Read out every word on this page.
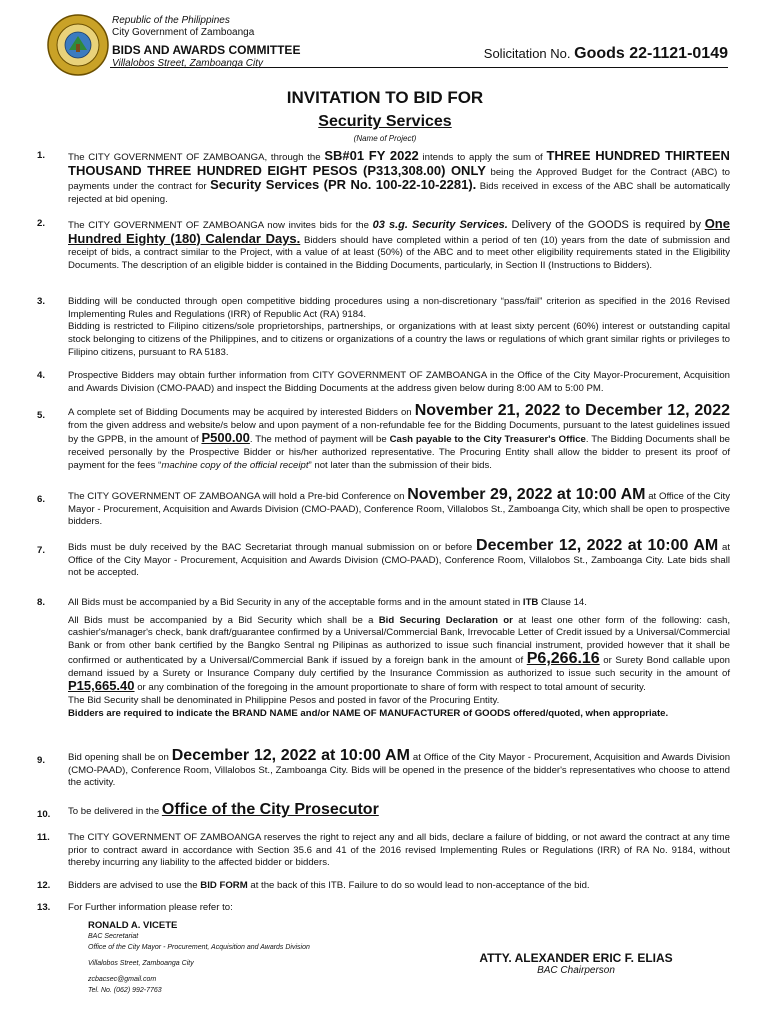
Republic of the Philippines
City Government of Zamboanga
BIDS AND AWARDS COMMITTEE
Villalobos Street, Zamboanga City
Solicitation No. Goods 22-1121-0149
INVITATION TO BID FOR
Security Services
(Name of Project)
1. The CITY GOVERNMENT OF ZAMBOANGA, through the SB#01 FY 2022 intends to apply the sum of THREE HUNDRED THIRTEEN THOUSAND THREE HUNDRED EIGHT PESOS (P313,308.00) ONLY being the Approved Budget for the Contract (ABC) to payments under the contract for Security Services (PR No. 100-22-10-2281). Bids received in excess of the ABC shall be automatically rejected at bid opening.
2. The CITY GOVERNMENT OF ZAMBOANGA now invites bids for the 03 s.g. Security Services. Delivery of the GOODS is required by One Hundred Eighty (180) Calendar Days. Bidders should have completed within a period of ten (10) years from the date of submission and receipt of bids, a contract similar to the Project, with a value of at least (50%) of the ABC and to meet other eligibility requirements stated in the Eligibility Documents. The description of an eligible bidder is contained in the Bidding Documents, particularly, in Section II (Instructions to Bidders).
3. Bidding will be conducted through open competitive bidding procedures using a non-discretionary “pass/fail” criterion as specified in the 2016 Revised Implementing Rules and Regulations (IRR) of Republic Act (RA) 9184.
Bidding is restricted to Filipino citizens/sole proprietorships, partnerships, or organizations with at least sixty percent (60%) interest or outstanding capital stock belonging to citizens of the Philippines, and to citizens or organizations of a country the laws or regulations of which grant similar rights or privileges to Filipino citizens, pursuant to RA 5183.
4. Prospective Bidders may obtain further information from CITY GOVERNMENT OF ZAMBOANGA in the Office of the City Mayor-Procurement, Acquisition and Awards Division (CMO-PAAD) and inspect the Bidding Documents at the address given below during 8:00 AM to 5:00 PM.
5. A complete set of Bidding Documents may be acquired by interested Bidders on November 21, 2022 to December 12, 2022 from the given address and website/s below and upon payment of a non-refundable fee for the Bidding Documents, pursuant to the latest guidelines issued by the GPPB, in the amount of P500.00. The method of payment will be Cash payable to the City Treasurer's Office. The Bidding Documents shall be received personally by the Prospective Bidder or his/her authorized representative. The Procuring Entity shall allow the bidder to present its proof of payment for the fees “machine copy of the official receipt” not later than the submission of their bids.
6. The CITY GOVERNMENT OF ZAMBOANGA will hold a Pre-bid Conference on November 29, 2022 at 10:00 AM at Office of the City Mayor - Procurement, Acquisition and Awards Division (CMO-PAAD), Conference Room, Villalobos St., Zamboanga City, which shall be open to prospective bidders.
7. Bids must be duly received by the BAC Secretariat through manual submission on or before December 12, 2022 at 10:00 AM at Office of the City Mayor - Procurement, Acquisition and Awards Division (CMO-PAAD), Conference Room, Villalobos St., Zamboanga City. Late bids shall not be accepted.
8. All Bids must be accompanied by a Bid Security in any of the acceptable forms and in the amount stated in ITB Clause 14.
All Bids must be accompanied by a Bid Security which shall be a Bid Securing Declaration or at least one other form of the following: cash, cashier's/manager's check, bank draft/guarantee confirmed by a Universal/Commercial Bank, Irrevocable Letter of Credit issued by a Universal/Commercial Bank or from other bank certified by the Bangko Sentral ng Pilipinas as authorized to issue such financial instrument, provided however that it shall be confirmed or authenticated by a Universal/Commercial Bank if issued by a foreign bank in the amount of P6,266.16 or Surety Bond callable upon demand issued by a Surety or Insurance Company duly certified by the Insurance Commission as authorized to issue such security in the amount of P15,665.40 or any combination of the foregoing in the amount proportionate to share of form with respect to total amount of security.
The Bid Security shall be denominated in Philippine Pesos and posted in favor of the Procuring Entity.
Bidders are required to indicate the BRAND NAME and/or NAME OF MANUFACTURER of GOODS offered/quoted, when appropriate.
9. Bid opening shall be on December 12, 2022 at 10:00 AM at Office of the City Mayor - Procurement, Acquisition and Awards Division (CMO-PAAD), Conference Room, Villalobos St., Zamboanga City. Bids will be opened in the presence of the bidder's representatives who choose to attend the activity.
10. To be delivered in the Office of the City Prosecutor
11. The CITY GOVERNMENT OF ZAMBOANGA reserves the right to reject any and all bids, declare a failure of bidding, or not award the contract at any time prior to contract award in accordance with Section 35.6 and 41 of the 2016 revised Implementing Rules or Regulations (IRR) of RA No. 9184, without thereby incurring any liability to the affected bidder or bidders.
12. Bidders are advised to use the BID FORM at the back of this ITB. Failure to do so would lead to non-acceptance of the bid.
13. For Further information please refer to:
RONALD A. VICETE
BAC Secretariat
Office of the City Mayor - Procurement, Acquisition and Awards Division
Villalobos Street, Zamboanga City
zcbacsec@gmail.com
Tel. No. (062) 992-7763
ATTY. ALEXANDER ERIC F. ELIAS
BAC Chairperson
